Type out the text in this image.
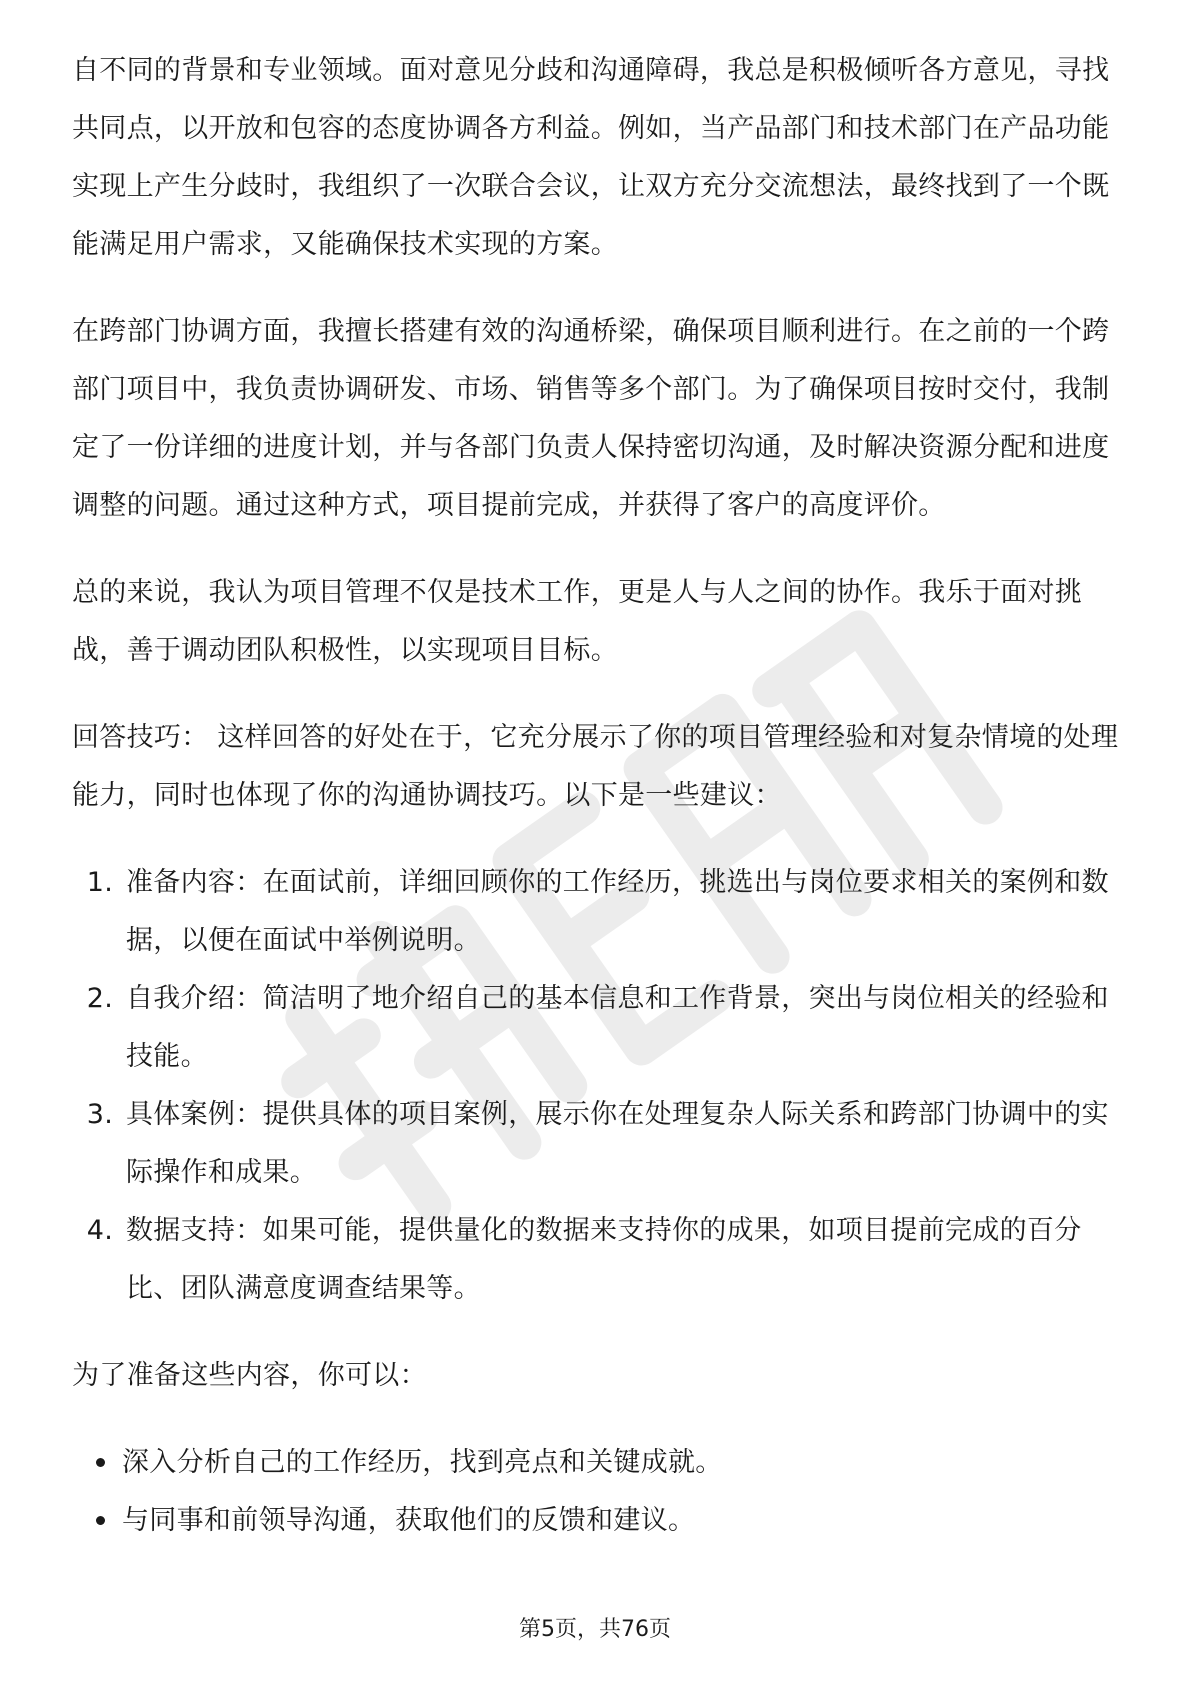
自不同的背景和专业领域。面对意见分歧和沟通障碍，我总是积极倾听各方意见，寻找共同点，以开放和包容的态度协调各方利益。例如，当产品部门和技术部门在产品功能实现上产生分歧时，我组织了一次联合会议，让双方充分交流想法，最终找到了一个既能满足用户需求，又能确保技术实现的方案。

在跨部门协调方面，我擅长搭建有效的沟通桥梁，确保项目顺利进行。在之前的一个跨部门项目中，我负责协调研发、市场、销售等多个部门。为了确保项目按时交付，我制定了一份详细的进度计划，并与各部门负责人保持密切沟通，及时解决资源分配和进度调整的问题。通过这种方式，项目提前完成，并获得了客户的高度评价。

总的来说，我认为项目管理不仅是技术工作，更是人与人之间的协作。我乐于面对挑战，善于调动团队积极性，以实现项目目标。

回答技巧： 这样回答的好处在于，它充分展示了你的项目管理经验和对复杂情境的处理能力，同时也体现了你的沟通协调技巧。以下是一些建议：

1. 准备内容：在面试前，详细回顾你的工作经历，挑选出与岗位要求相关的案例和数据，以便在面试中举例说明。
2. 自我介绍：简洁明了地介绍自己的基本信息和工作背景，突出与岗位相关的经验和技能。
3. 具体案例：提供具体的项目案例，展示你在处理复杂人际关系和跨部门协调中的实际操作和成果。
4. 数据支持：如果可能，提供量化的数据来支持你的成果，如项目提前完成的百分比、团队满意度调查结果等。

为了准备这些内容，你可以：

深入分析自己的工作经历，找到亮点和关键成就。
与同事和前领导沟通，获取他们的反馈和建议。
第5页，共76页
